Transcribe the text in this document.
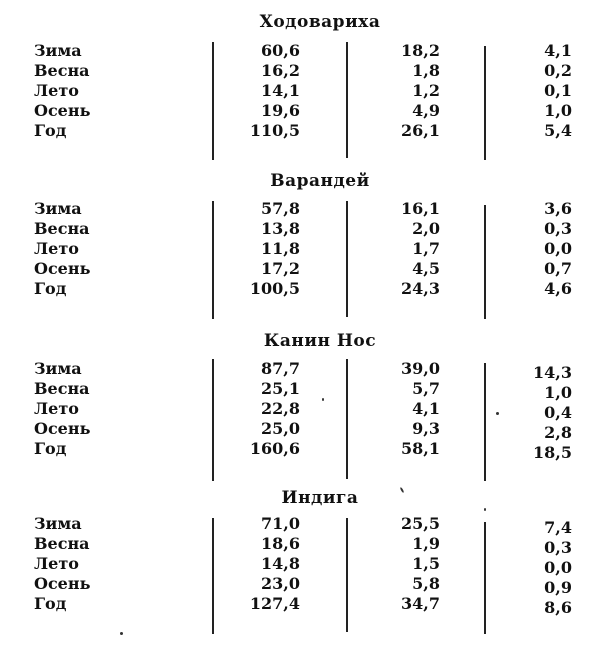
Ходовариха
Зима	60,6	18,2	4,1
Весна	16,2	1,8	0,2
Лето	14,1	1,2	0,1
Осень	19,6	4,9	1,0
Год	110,5	26,1	5,4
Варандей
Зима	57,8	16,1	3,6
Весна	13,8	2,0	0,3
Лето	11,8	1,7	0,0
Осень	17,2	4,5	0,7
Год	100,5	24,3	4,6
Канин Нос
Зима	87,7	39,0	14,3
Весна	25,1	5,7	1,0
Лето	22,8	4,1	0,4
Осень	25,0	9,3	2,8
Год	160,6	58,1	18,5
Индига
Зима	71,0	25,5	7,4
Весна	18,6	1,9	0,3
Лето	14,8	1,5	0,0
Осень	23,0	5,8	0,9
Год	127,4	34,7	8,6
